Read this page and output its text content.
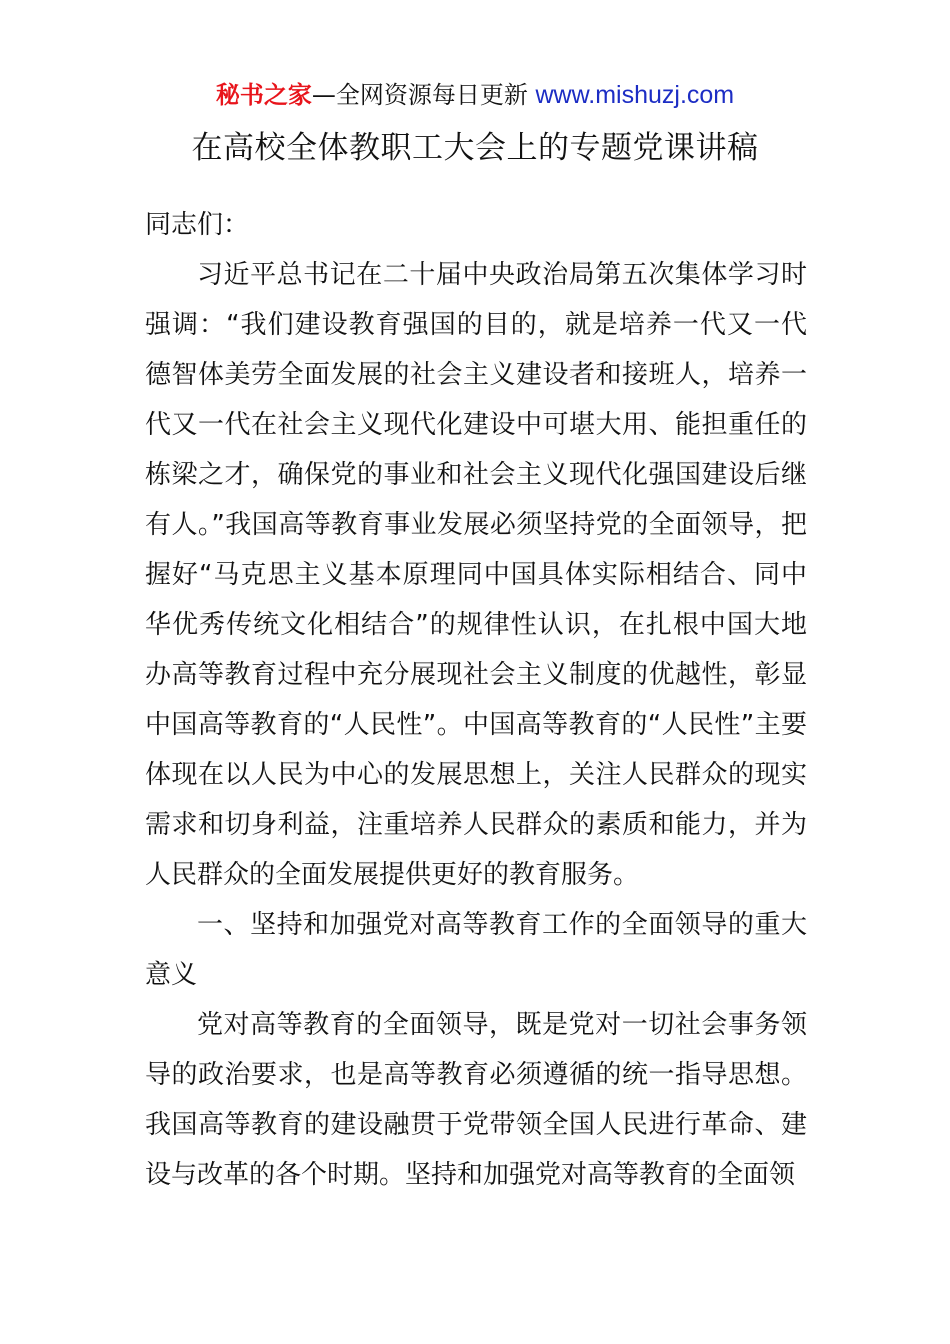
秘书之家—全网资源每日更新 www.mishuzj.com
在高校全体教职工大会上的专题党课讲稿

同志们：

习近平总书记在二十届中央政治局第五次集体学习时强调：“我们建设教育强国的目的，就是培养一代又一代德智体美劳全面发展的社会主义建设者和接班人，培养一代又一代在社会主义现代化建设中可堪大用、能担重任的栋梁之才，确保党的事业和社会主义现代化强国建设后继有人。”我国高等教育事业发展必须坚持党的全面领导，把握好“马克思主义基本原理同中国具体实际相结合、同中华优秀传统文化相结合”的规律性认识，在扎根中国大地办高等教育过程中充分展现社会主义制度的优越性，彰显中国高等教育的“人民性”。中国高等教育的“人民性”主要体现在以人民为中心的发展思想上，关注人民群众的现实需求和切身利益，注重培养人民群众的素质和能力，并为人民群众的全面发展提供更好的教育服务。

一、坚持和加强党对高等教育工作的全面领导的重大意义

党对高等教育的全面领导，既是党对一切社会事务领导的政治要求，也是高等教育必须遵循的统一指导思想。我国高等教育的建设融贯于党带领全国人民进行革命、建设与改革的各个时期。坚持和加强党对高等教育的全面领
